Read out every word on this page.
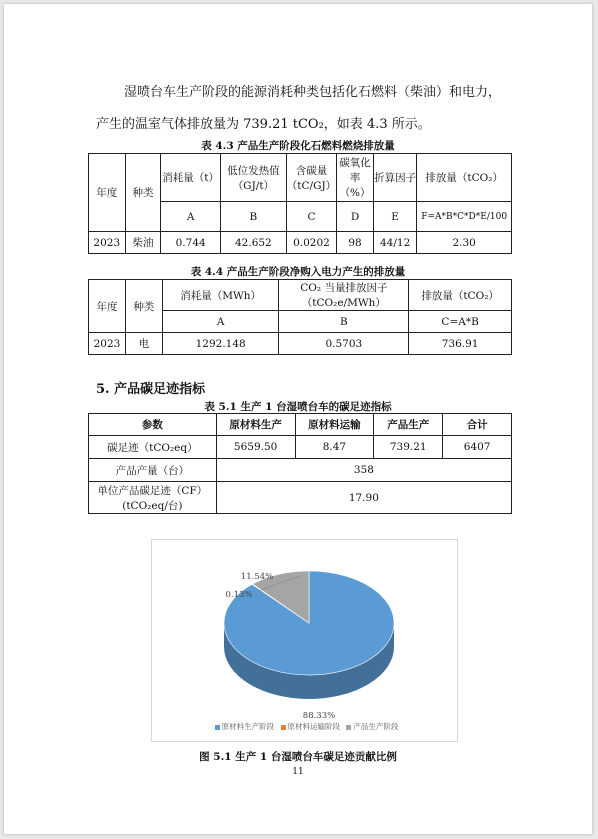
湿喷台车生产阶段的能源消耗种类包括化石燃料（柴油）和电力，
产生的温室气体排放量为 739.21 tCO₂，如表 4.3 所示。
表 4.3 产品生产阶段化石燃料燃烧排放量
年度	种类	消耗量（t）	低位发热值（GJ/t）	含碳量（tC/GJ）	碳氧化率（%）	折算因子	排放量（tCO₂）
		A	B	C	D	E	F=A*B*C*D*E/100
2023	柴油	0.744	42.652	0.0202	98	44/12	2.30
表 4.4 产品生产阶段净购入电力产生的排放量
年度	种类	消耗量（MWh）	CO₂ 当量排放因子（tCO₂e/MWh）	排放量（tCO₂）
		A	B	C=A*B
2023	电	1292.148	0.5703	736.91
5. 产品碳足迹指标
表 5.1 生产 1 台湿喷台车的碳足迹指标
参数	原材料生产	原材料运输	产品生产	合计
碳足迹（tCO₂eq）	5659.50	8.47	739.21	6407
产品产量（台）	358			
单位产品碳足迹（CF）(tCO₂eq/台)	17.90			
88.33%
0.13%
11.54%
原材料生产阶段 原材料运输阶段 产品生产阶段
图 5.1 生产 1 台湿喷台车碳足迹贡献比例
11
